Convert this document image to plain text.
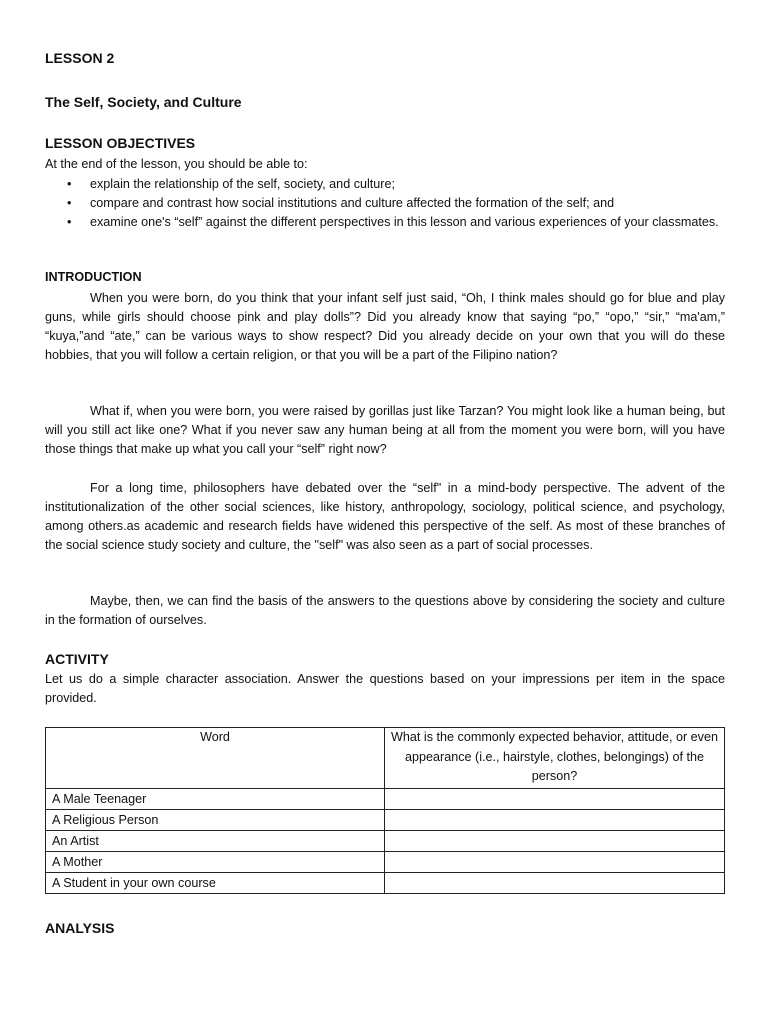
LESSON 2
The Self, Society, and Culture
LESSON OBJECTIVES
At the end of the lesson, you should be able to:
• explain the relationship of the self, society, and culture;
• compare and contrast how social institutions and culture affected the formation of the self; and
• examine one's “self” against the different perspectives in this lesson and various experiences of your classmates.
INTRODUCTION

When you were born, do you think that your infant self just said, “Oh, I think males should go for blue and play guns, while girls should choose pink and play dolls”? Did you already know that saying “po,” “opo,” “sir,” “ma'am,” “kuya,”and “ate,” can be various ways to show respect? Did you already decide on your own that you will do these hobbies, that you will follow a certain religion, or that you will be a part of the Filipino nation?

What if, when you were born, you were raised by gorillas just like Tarzan? You might look like a human being, but will you still act like one? What if you never saw any human being at all from the moment you were born, will you have those things that make up what you call your “self” right now?

For a long time, philosophers have debated over the “self" in a mind-body perspective. The advent of the institutionalization of the other social sciences, like history, anthropology, sociology, political science, and psychology, among others.as academic and research fields have widened this perspective of the self. As most of these branches of the social science study society and culture, the "self" was also seen as a part of social processes.

Maybe, then, we can find the basis of the answers to the questions above by considering the society and culture in the formation of ourselves.

ACTIVITY

Let us do a simple character association. Answer the questions based on your impressions per item in the space provided.

Word	What is the commonly expected behavior, attitude, or even appearance (i.e., hairstyle, clothes, belongings) of the person?
A Male Teenager	
A Religious Person	
An Artist	
A Mother	
A Student in your own course	
ANALYSIS
